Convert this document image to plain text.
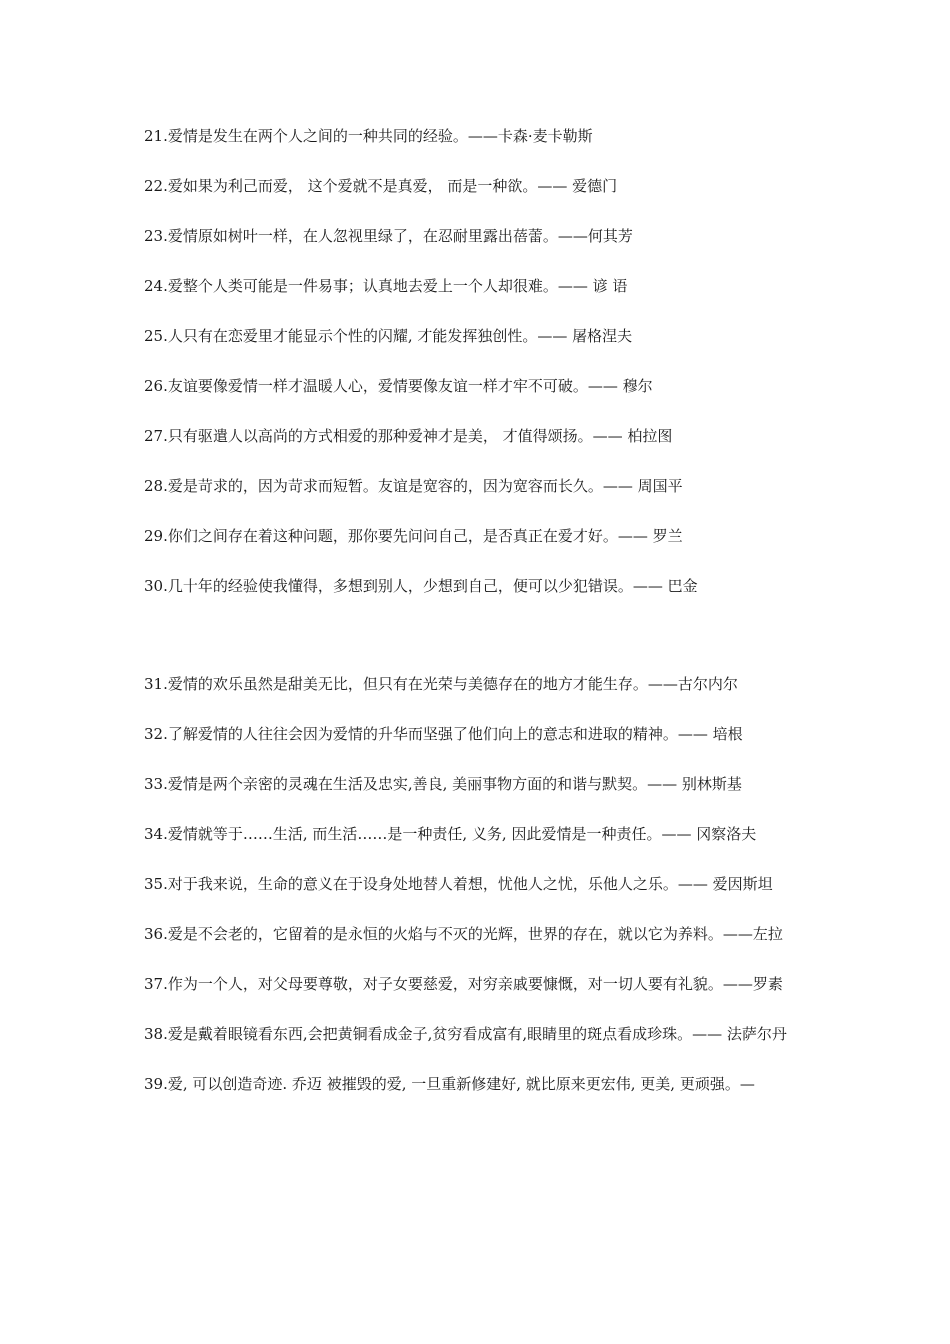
21.爱情是发生在两个人之间的一种共同的经验。——卡森·麦卡勒斯

22.爱如果为利己而爱， 这个爱就不是真爱， 而是一种欲。—— 爱德门

23.爱情原如树叶一样，在人忽视里绿了，在忍耐里露出蓓蕾。——何其芳

24.爱整个人类可能是一件易事；认真地去爱上一个人却很难。—— 谚 语

25.人只有在恋爱里才能显示个性的闪耀, 才能发挥独创性。—— 屠格涅夫

26.友谊要像爱情一样才温暖人心，爱情要像友谊一样才牢不可破。—— 穆尔

27.只有驱遣人以高尚的方式相爱的那种爱神才是美， 才值得颂扬。—— 柏拉图

28.爱是苛求的，因为苛求而短暂。友谊是宽容的，因为宽容而长久。—— 周国平

29.你们之间存在着这种问题，那你要先问问自己，是否真正在爱才好。—— 罗兰

30.几十年的经验使我懂得，多想到别人，少想到自己，便可以少犯错误。—— 巴金

31.爱情的欢乐虽然是甜美无比，但只有在光荣与美德存在的地方才能生存。——古尔内尔

32.了解爱情的人往往会因为爱情的升华而坚强了他们向上的意志和进取的精神。—— 培根

33.爱情是两个亲密的灵魂在生活及忠实,善良, 美丽事物方面的和谐与默契。—— 别林斯基

34.爱情就等于……生活, 而生活……是一种责任, 义务, 因此爱情是一种责任。—— 冈察洛夫

35.对于我来说，生命的意义在于设身处地替人着想，忧他人之忧，乐他人之乐。—— 爱因斯坦

36.爱是不会老的，它留着的是永恒的火焰与不灭的光辉，世界的存在，就以它为养料。——左拉

37.作为一个人，对父母要尊敬，对子女要慈爱，对穷亲戚要慷慨，对一切人要有礼貌。——罗素

38.爱是戴着眼镜看东西,会把黄铜看成金子,贫穷看成富有,眼睛里的斑点看成珍珠。—— 法萨尔丹

39.爱, 可以创造奇迹. 乔迈 被摧毁的爱, 一旦重新修建好, 就比原来更宏伟, 更美, 更顽强。—
